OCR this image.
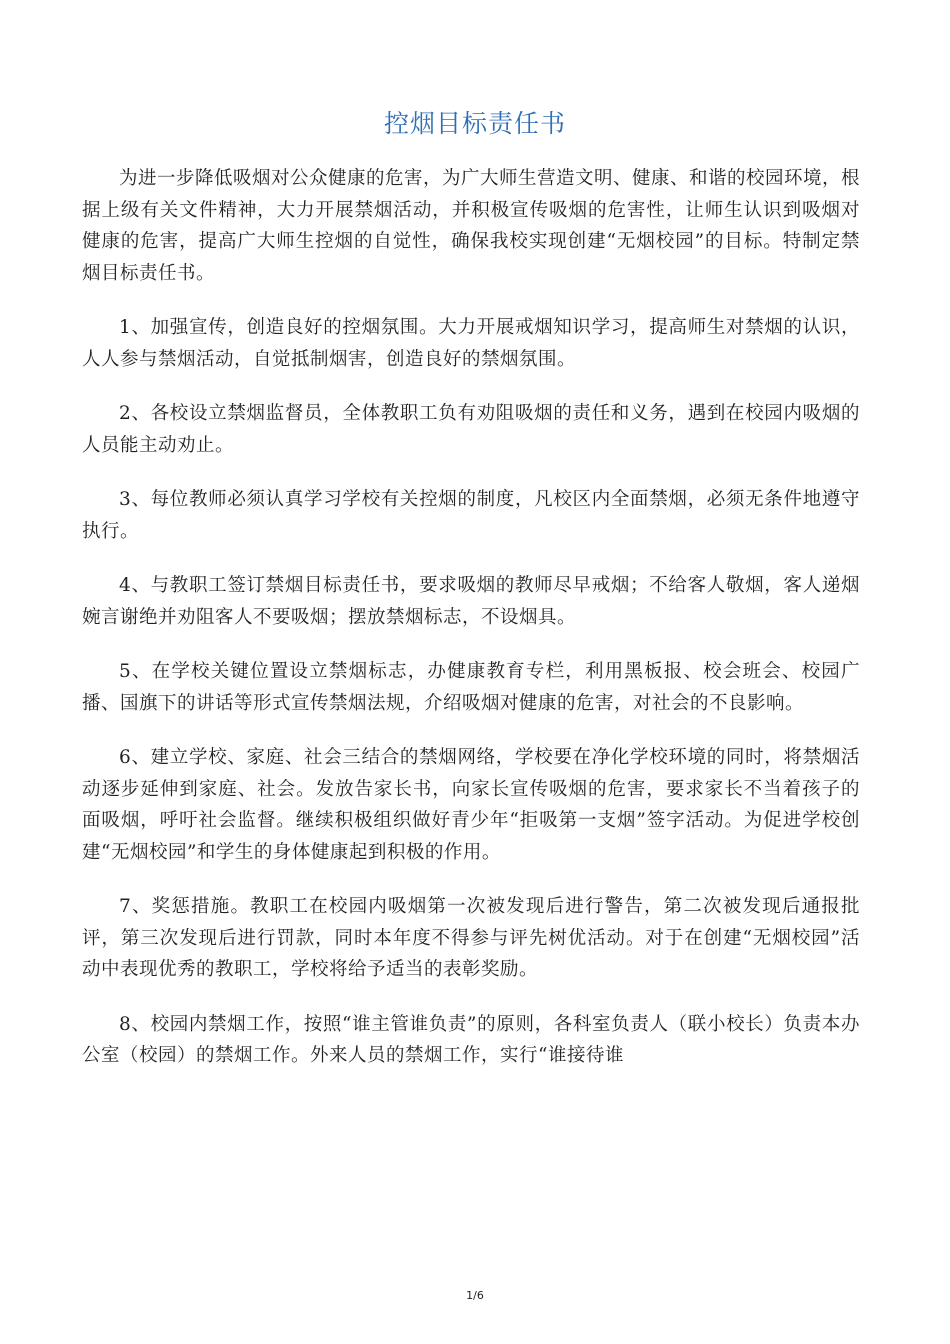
控烟目标责任书

为进一步降低吸烟对公众健康的危害，为广大师生营造文明、健康、和谐的校园环境，根据上级有关文件精神，大力开展禁烟活动，并积极宣传吸烟的危害性，让师生认识到吸烟对健康的危害，提高广大师生控烟的自觉性，确保我校实现创建“无烟校园”的目标。特制定禁烟目标责任书。

1、加强宣传，创造良好的控烟氛围。大力开展戒烟知识学习，提高师生对禁烟的认识，人人参与禁烟活动，自觉抵制烟害，创造良好的禁烟氛围。

2、各校设立禁烟监督员，全体教职工负有劝阻吸烟的责任和义务，遇到在校园内吸烟的人员能主动劝止。

3、每位教师必须认真学习学校有关控烟的制度，凡校区内全面禁烟，必须无条件地遵守执行。

4、与教职工签订禁烟目标责任书，要求吸烟的教师尽早戒烟；不给客人敬烟，客人递烟婉言谢绝并劝阻客人不要吸烟；摆放禁烟标志，不设烟具。

5、在学校关键位置设立禁烟标志，办健康教育专栏，利用黑板报、校会班会、校园广播、国旗下的讲话等形式宣传禁烟法规，介绍吸烟对健康的危害，对社会的不良影响。

6、建立学校、家庭、社会三结合的禁烟网络，学校要在净化学校环境的同时，将禁烟活动逐步延伸到家庭、社会。发放告家长书，向家长宣传吸烟的危害，要求家长不当着孩子的面吸烟，呼吁社会监督。继续积极组织做好青少年“拒吸第一支烟”签字活动。为促进学校创建“无烟校园”和学生的身体健康起到积极的作用。

7、奖惩措施。教职工在校园内吸烟第一次被发现后进行警告，第二次被发现后通报批评，第三次发现后进行罚款，同时本年度不得参与评先树优活动。对于在创建“无烟校园”活动中表现优秀的教职工，学校将给予适当的表彰奖励。

8、校园内禁烟工作，按照“谁主管谁负责”的原则，各科室负责人（联小校长）负责本办公室（校园）的禁烟工作。外来人员的禁烟工作，实行“谁接待谁

1/6
